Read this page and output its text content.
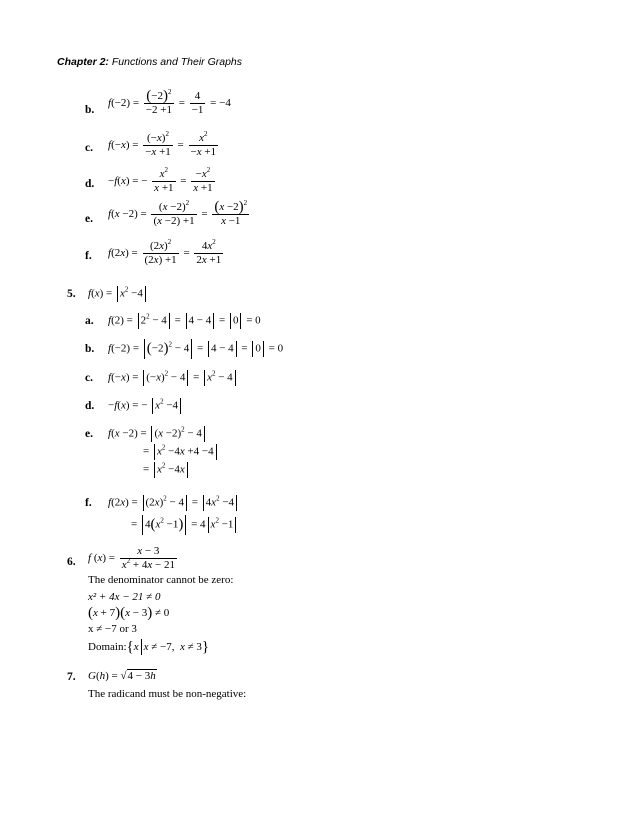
Chapter 2: Functions and Their Graphs
b.
$f(-2) = \frac{(-2)^2}{-2 +1} = \frac{4}{-1} = -4$
c. $f(-x) = \frac{(-x)^2}{-x +1} = \frac{x^2}{-x +1}$
d. −f(x) = − $\frac{x^2}{x +1} = \frac{-x^2}{x +1}$
e. $f(x -2) = \frac{(x -2)^2}{(x -2) +1} = \frac{(x -2)^2}{x -1}$
f. $f(2x) = \frac{(2x)^2}{(2x) +1} = \frac{4x^2}{2x +1}$
5. $f(x) = x^2 -4$
a. $f(2) = 2^2 - 4 = 4 - 4 = 0 = 0$
b. $f(-2) = (-2)^2 - 4 = 4 - 4 = 0 = 0$
c. $f(-x) = (-x)^2 - 4 = x^2 - 4$
d. −f(x) = − $x^2 -4$
e. $f(x -2) = (x -2)^2 - 4$
= $x^2 -4x +4 -4$
= $x^2 -4x$
f. $f(2x) = (2x)^2 - 4 = 4x^2 -4$
= $4(x^2 -1) = 4$ $x^2 -1$
6. f $(x) = \frac{x - 3}{x^2 + 4x - 21}$
The denominator cannot be zero:
x² + 4x − 21 ≠ 0
(x + 7)(x − 3) ≠ 0
x ≠ −7 or 3
Domain:{x x ≠ −7,  x ≠ 3}
7. G(h) = √4 − 3h
The radicand must be non-negative:
